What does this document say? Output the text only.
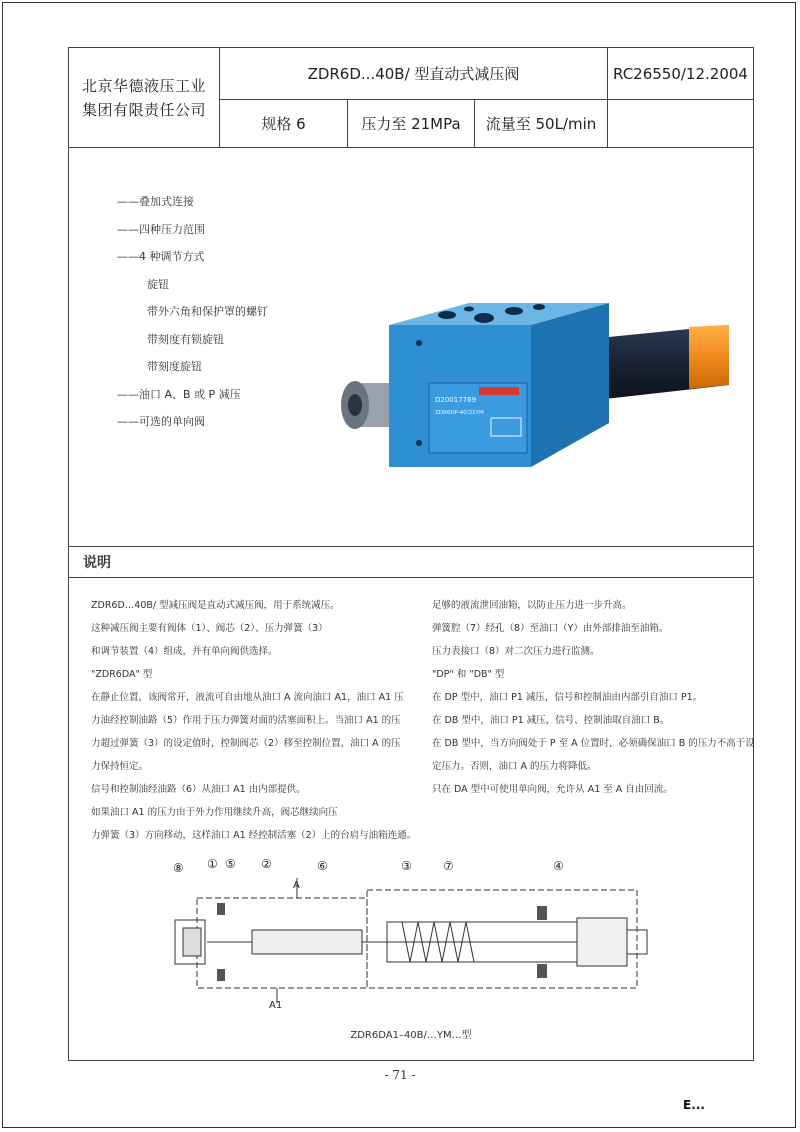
北京华德液压工业
集团有限责任公司
ZDR6D...40B/ 型直动式减压阀	RC26550/12.2004
规格 6	压力至 21MPa	流量至 50L/min
——叠加式连接
——四种压力范围
——4 种调节方式
旋钮
带外六角和保护罩的螺钉
带刻度有锁旋钮
带刻度旋钮
——油口 A、B 或 P 减压
——可选的单向阀
D20017769
ZDR6DP-40/21YM
说明
ZDR6D…40B/ 型减压阀是直动式减压阀，用于系统减压。
这种减压阀主要有阀体（1）、阀芯（2）、压力弹簧（3）
和调节装置（4）组成，并有单向阀供选择。
"ZDR6DA" 型
在静止位置，该阀常开，液流可自由地从油口 A 流向油口 A1，油口 A1 压
力油经控制油路（5）作用于压力弹簧对面的活塞面积上。当油口 A1 的压
力超过弹簧（3）的设定值时，控制阀芯（2）移至控制位置，油口 A 的压
力保持恒定。
信号和控制油经油路（6）从油口 A1 由内部提供。
如果油口 A1 的压力由于外力作用继续升高，阀芯继续向压
力弹簧（3）方向移动，这样油口 A1 经控制活塞（2）上的台肩与油箱连通。
足够的液流泄回油箱，以防止压力进一步升高。
弹簧腔（7）经孔（8）至油口（Y）由外部排油至油箱。
压力表接口（8）对二次压力进行监测。
"DP" 和 "DB" 型
在 DP 型中，油口 P1 减压，信号和控制油由内部引自油口 P1。
在 DB 型中，油口 P1 减压，信号、控制油取自油口 B。
在 DB 型中，当方向阀处于 P 至 A 位置时，必须确保油口 B 的压力不高于设
定压力。否则，油口 A 的压力将降低。
只在 DA 型中可使用单向阀，允许从 A1 至 A 自由回流。
⑧ ① ⑤ ②	⑥	③	⑦	④
A
A1
ZDR6DA1–40B/…YM…型
- 71 -
E...
